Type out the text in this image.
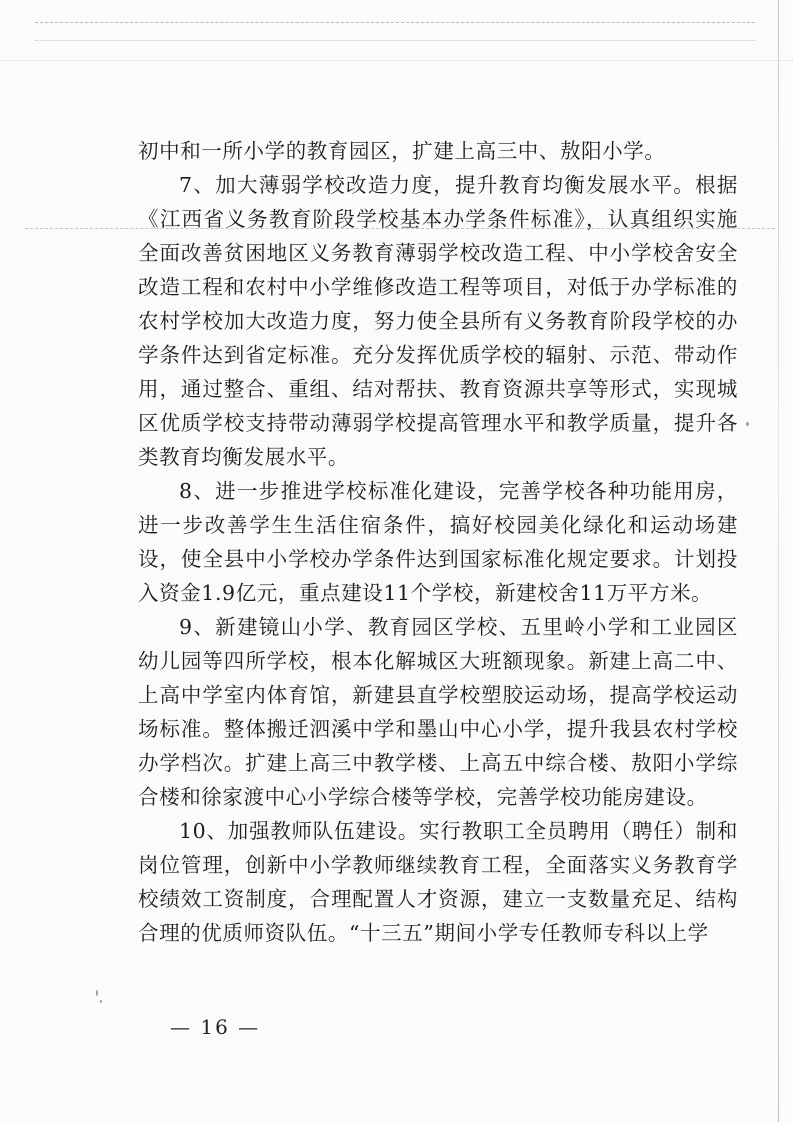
初中和一所小学的教育园区，扩建上高三中、敖阳小学。

7、加大薄弱学校改造力度，提升教育均衡发展水平。根据《江西省义务教育阶段学校基本办学条件标准》，认真组织实施全面改善贫困地区义务教育薄弱学校改造工程、中小学校舍安全改造工程和农村中小学维修改造工程等项目，对低于办学标准的农村学校加大改造力度，努力使全县所有义务教育阶段学校的办学条件达到省定标准。充分发挥优质学校的辐射、示范、带动作用，通过整合、重组、结对帮扶、教育资源共享等形式，实现城区优质学校支持带动薄弱学校提高管理水平和教学质量，提升各类教育均衡发展水平。

8、进一步推进学校标准化建设，完善学校各种功能用房，进一步改善学生生活住宿条件，搞好校园美化绿化和运动场建设，使全县中小学校办学条件达到国家标准化规定要求。计划投入资金1.9亿元，重点建设11个学校，新建校舍11万平方米。

9、新建镜山小学、教育园区学校、五里岭小学和工业园区幼儿园等四所学校，根本化解城区大班额现象。新建上高二中、上高中学室内体育馆，新建县直学校塑胶运动场，提高学校运动场标准。整体搬迁泗溪中学和墨山中心小学，提升我县农村学校办学档次。扩建上高三中教学楼、上高五中综合楼、敖阳小学综合楼和徐家渡中心小学综合楼等学校，完善学校功能房建设。

10、加强教师队伍建设。实行教职工全员聘用（聘任）制和岗位管理，创新中小学教师继续教育工程，全面落实义务教育学校绩效工资制度，合理配置人才资源，建立一支数量充足、结构合理的优质师资队伍。“十三五”期间小学专任教师专科以上学

— 16 —
